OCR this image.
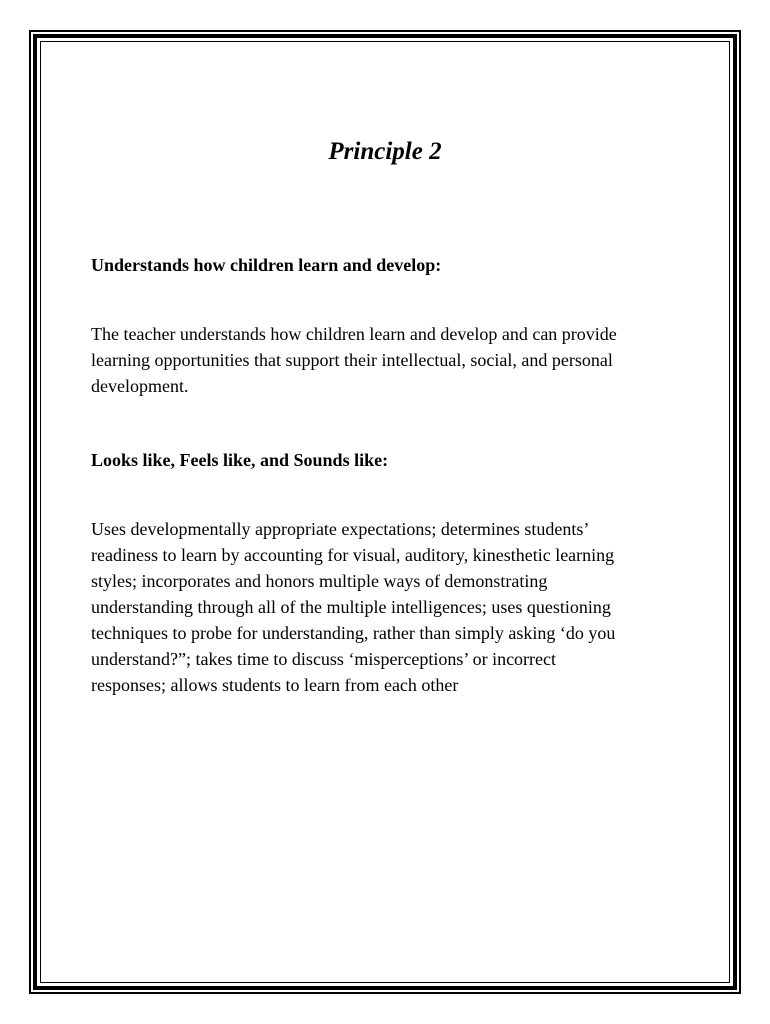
Principle 2
Understands how children learn and develop:
The teacher understands how children learn and develop and can provide
learning opportunities that support their intellectual, social, and personal
development.
Looks like, Feels like, and Sounds like:
Uses developmentally appropriate expectations; determines students’
readiness to learn by accounting for visual, auditory, kinesthetic learning
styles; incorporates and honors multiple ways of demonstrating
understanding through all of the multiple intelligences; uses questioning
techniques to probe for understanding, rather than simply asking ‘do you
understand?”; takes time to discuss ‘misperceptions’ or incorrect
responses; allows students to learn from each other
